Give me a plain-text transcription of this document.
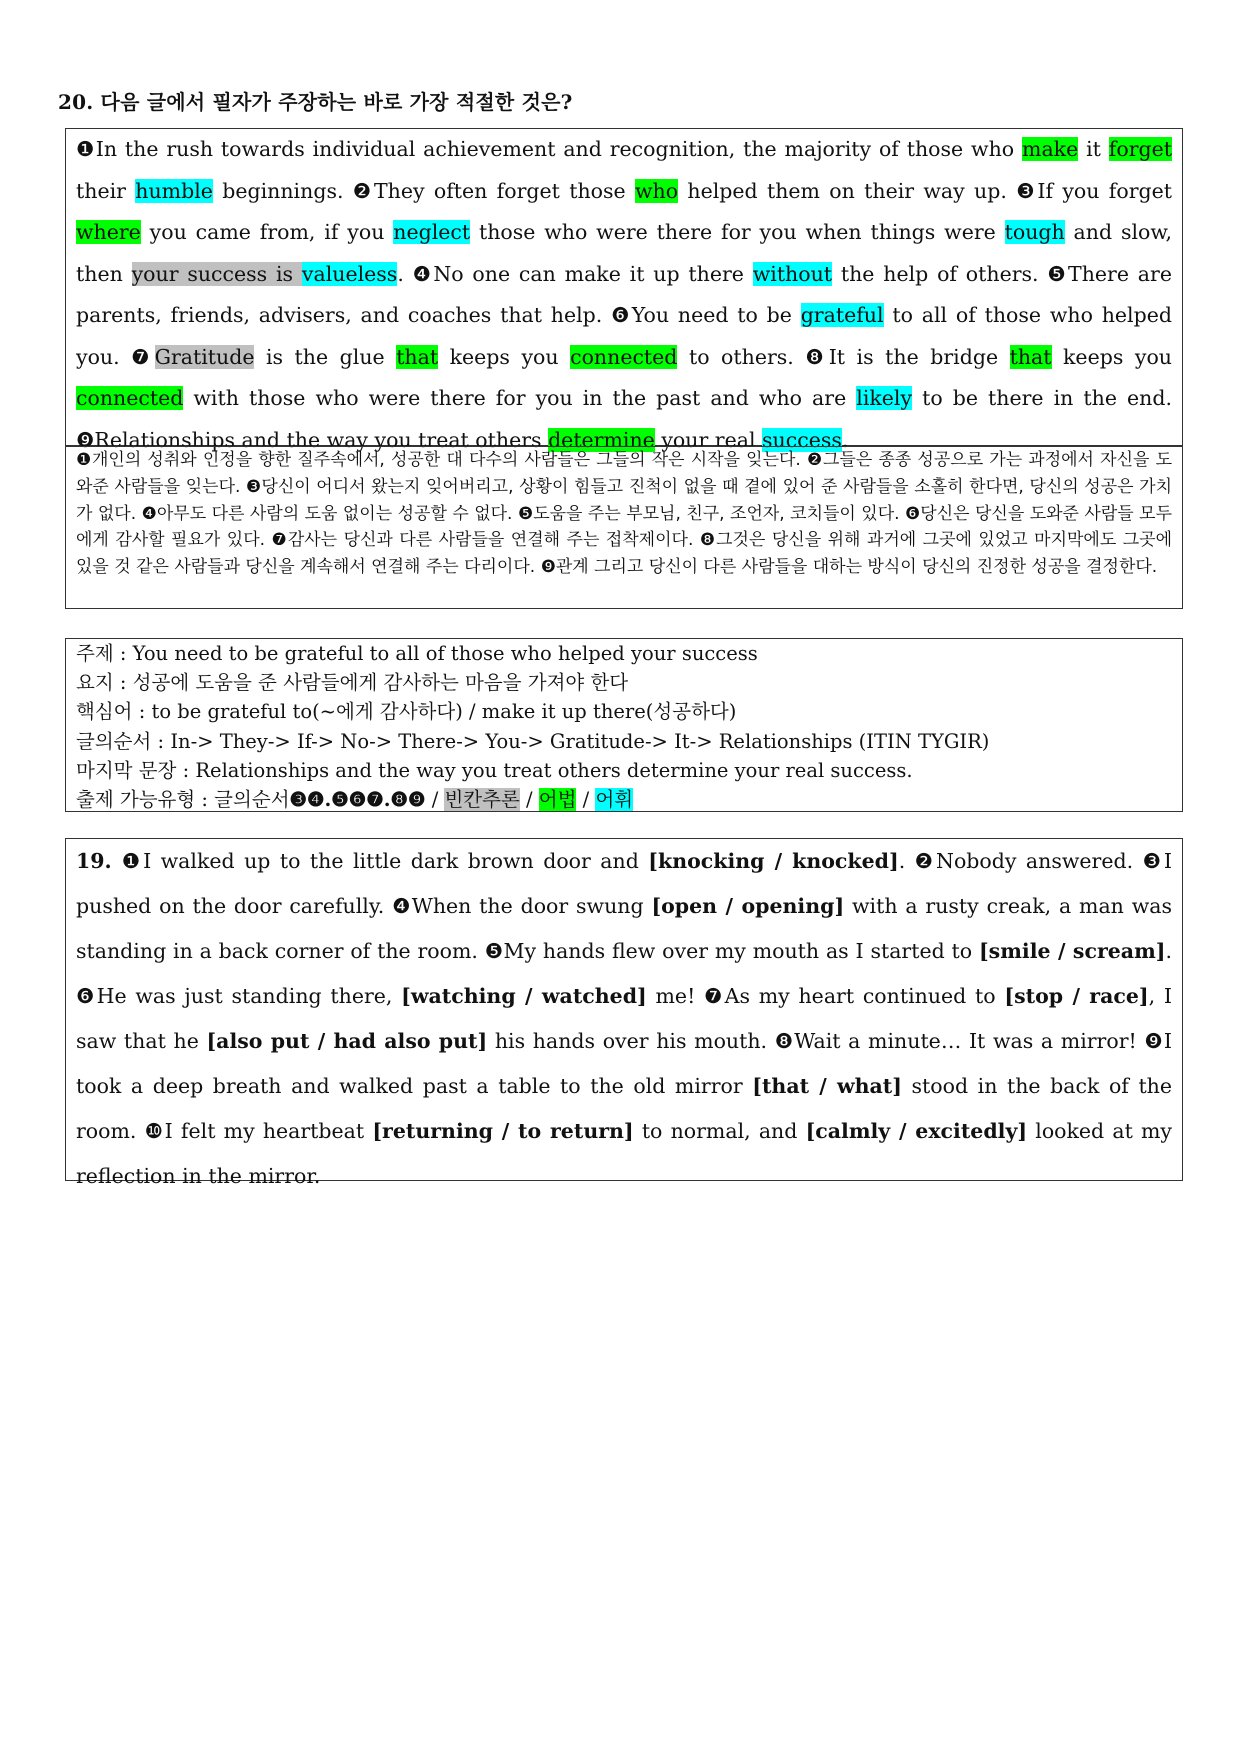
20. 다음 글에서 필자가 주장하는 바로 가장 적절한 것은?
❶In the rush towards individual achievement and recognition, the majority of those who make it forget their humble beginnings. ❷They often forget those who helped them on their way up. ❸If you forget where you came from, if you neglect those who were there for you when things were tough and slow, then your success is valueless. ❹No one can make it up there without the help of others. ❺There are parents, friends, advisers, and coaches that help. ❻You need to be grateful to all of those who helped you. ❼Gratitude is the glue that keeps you connected to others. ❽It is the bridge that keeps you connected with those who were there for you in the past and who are likely to be there in the end. ❾Relationships and the way you treat others determine your real success.
❶개인의 성취와 인정을 향한 질주속에서, 성공한 대 다수의 사람들은 그들의 작은 시작을 잊는다. ❷그들은 종종 성공으로 가는 과정에서 자신을 도와준 사람들을 잊는다. ❸당신이 어디서 왔는지 잊어버리고, 상황이 힘들고 진척이 없을 때 곁에 있어 준 사람들을 소홀히 한다면, 당신의 성공은 가치가 없다. ❹아무도 다른 사람의 도움 없이는 성공할 수 없다. ❺도움을 주는 부모님, 친구, 조언자, 코치들이 있다. ❻당신은 당신을 도와준 사람들 모두에게 감사할 필요가 있다. ❼감사는 당신과 다른 사람들을 연결해 주는 접착제이다. ❽그것은 당신을 위해 과거에 그곳에 있었고 마지막에도 그곳에 있을 것 같은 사람들과 당신을 계속해서 연결해 주는 다리이다. ❾관계 그리고 당신이 다른 사람들을 대하는 방식이 당신의 진정한 성공을 결정한다.
주제 : You need to be grateful to all of those who helped your success
요지 : 성공에 도움을 준 사람들에게 감사하는 마음을 가져야 한다
핵심어 : to be grateful to(~에게 감사하다) / make it up there(성공하다)
글의순서 : In-> They-> If-> No-> There-> You-> Gratitude-> It-> Relationships (ITIN TYGIR)
마지막 문장 : Relationships and the way you treat others determine your real success.
출제 가능유형 : 글의순서❸❹.❺❻❼.❽❾ / 빈칸추론 / 어법 / 어휘
19. ❶I walked up to the little dark brown door and [knocking / knocked]. ❷Nobody answered. ❸I pushed on the door carefully. ❹When the door swung [open / opening] with a rusty creak, a man was standing in a back corner of the room. ❺My hands flew over my mouth as I started to [smile / scream]. ❻He was just standing there, [watching / watched] me! ❼As my heart continued to [stop / race], I saw that he [also put / had also put] his hands over his mouth. ❽Wait a minute… It was a mirror! ❾I took a deep breath and walked past a table to the old mirror [that / what] stood in the back of the room. ❿I felt my heartbeat [returning / to return] to normal, and [calmly / excitedly] looked at my reflection in the mirror.
